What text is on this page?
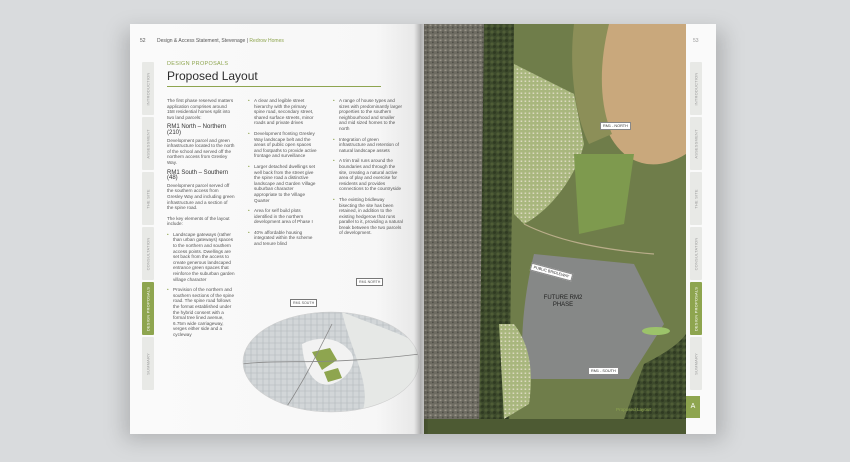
52 Design & Access Statement, Stevenage | Redrow Homes
INTRODUCTION
ASSESSMENT
THE SITE
CONSULTATION
DESIGN PROPOSALS
SUMMARY
DESIGN PROPOSALS
Proposed Layout

The first phase reserved matters application comprises around 158 residential homes split into two land parcels:

RM1 North – Northern (210)

Development parcel and green infrastructure located to the north of the school and served off the northern access from Gresley Way.

RM1 South – Southern (48)

Development parcel served off the southern access from Gresley Way and including green infrastructure and a section of the spine road.

The key elements of the layout include:

• Landscape gateways (rather than urban gateways) spaces to the northern and southern access points. Dwellings are set back from the access to create generous landscaped entrance green spaces that reinforce the suburban garden village character
• Provision of the northern and southern sections of the spine road. The spine road follows the format established under the hybrid consent with a formal tree lined avenue, 6.75m wide carriageway, verges either side and a cycleway
• A clear and legible street hierarchy with the primary spine road, secondary street, shared surface streets, minor roads and private drives
• Development fronting Gresley Way landscape belt and the areas of public open spaces and footpaths to provide active frontage and surveillance
• Larger detached dwellings set well back from the street give the spine road a distinctive landscape and Garden Village suburban character appropriate to the Village Quarter
• Area for self build plots identified in the northern development area of Phase I
• 40% affordable housing integrated within the scheme and tenure blind
• A range of house types and sizes with predominantly larger properties to the southern neighbourhood and smaller and mid sized homes to the north
• Integration of green infrastructure and retention of natural landscape assets
• A trim trail runs around the boundaries and through the site, creating a natural active area of play and exercise for residents and provides connections to the countryside
• The existing bridleway bisecting the site has been retained, in addition to the existing hedgerow that runs parallel to it, providing a natural break between the two parcels of development.
RM1 SOUTH
RM1 NORTH
RM1 - NORTH
PUBLIC BRIDLEWAY
FUTURE RM2
PHASE
RM1 - SOUTH
INTRODUCTION
ASSESSMENT
THE SITE
CONSULTATION
DESIGN PROPOSALS
SUMMARY
53
Proposed Layout	A
